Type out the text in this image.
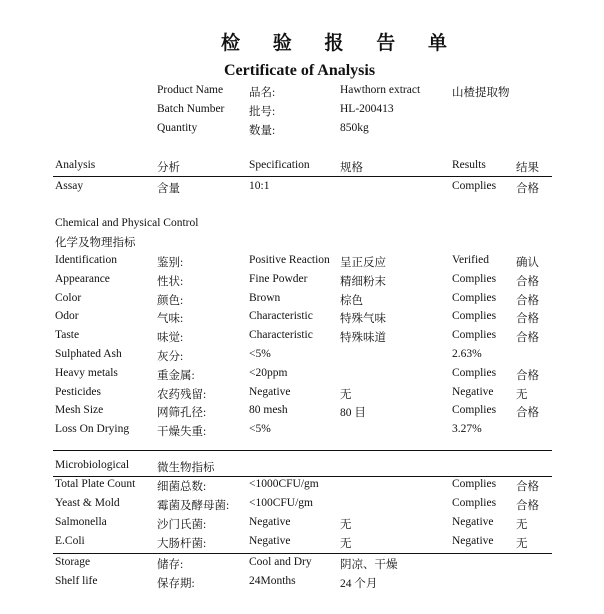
检 验 报 告 单
Certificate of Analysis
Product Name 品名:	Hawthorn extract	山楂提取物
Batch Number 批号:	HL-200413
Quantity	数量:	850kg
Analysis	分析	Specification	规格	Results	结果
Assay	含量	10:1	Complies 合格
Chemical and Physical Control
化学及物理指标
Identification	鉴别:	Positive Reaction 呈正反应	Verified 确认
Appearance	性状:	Fine Powder	精细粉末	Complies 合格
Color	颜色:	Brown	棕色	Complies 合格
Odor	气味:	Characteristic 特殊气味	Complies 合格
Taste	味觉:	Characteristic 特殊味道	Complies 合格
Sulphated Ash	灰分:	<5%	2.63%
Heavy metals	重金属:	<20ppm	Complies 合格
Pesticides	农药残留:	Negative	无	Negative 无
Mesh Size	网筛孔径:	80 mesh	80 目	Complies 合格
Loss On Drying 干燥失重:	<5%	3.27%
Microbiological 微生物指标
Total Plate Count 细菌总数:	<1000CFU/gm	Complies 合格
Yeast & Mold	霉菌及酵母菌: <100CFU/gm	Complies 合格
Salmonella	沙门氏菌:	Negative	无	Negative 无
E.Coli	大肠杆菌:	Negative	无	Negative 无
Storage	储存:	Cool and Dry 阴凉、干燥
Shelf life	保存期:	24Months	24 个月
